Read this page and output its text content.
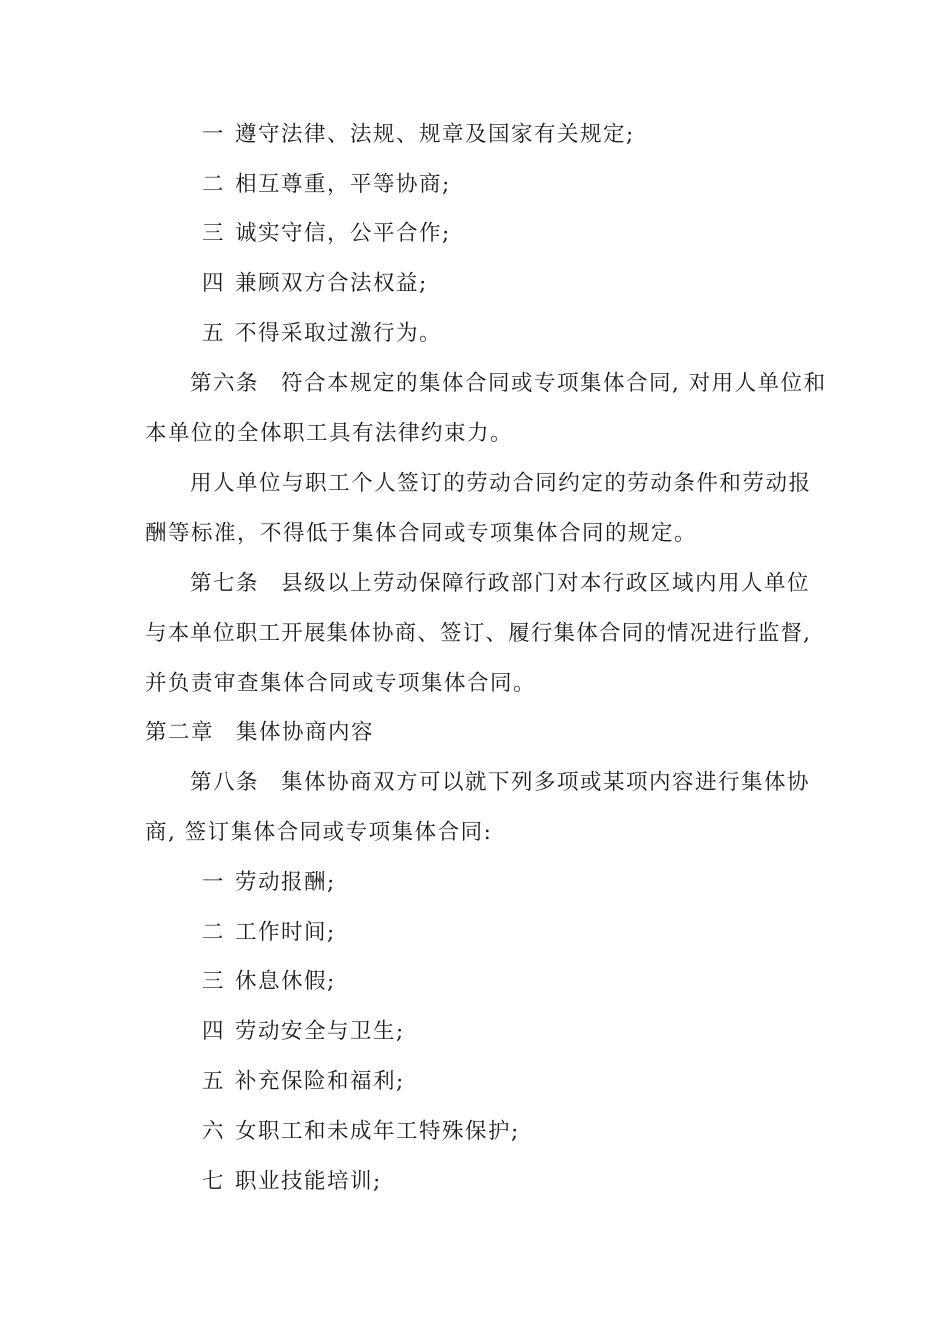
一 遵守法律、法规、规章及国家有关规定;
二 相互尊重，平等协商;
三 诚实守信，公平合作;
四 兼顾双方合法权益;
五 不得采取过激行为。
第六条 符合本规定的集体合同或专项集体合同, 对用人单位和
本单位的全体职工具有法律约束力。
用人单位与职工个人签订的劳动合同约定的劳动条件和劳动报
酬等标准，不得低于集体合同或专项集体合同的规定。
第七条 县级以上劳动保障行政部门对本行政区域内用人单位
与本单位职工开展集体协商、签订、履行集体合同的情况进行监督,
并负责审查集体合同或专项集体合同。
第二章 集体协商内容
第八条 集体协商双方可以就下列多项或某项内容进行集体协
商, 签订集体合同或专项集体合同:
一 劳动报酬;
二 工作时间;
三 休息休假;
四 劳动安全与卫生;
五 补充保险和福利;
六 女职工和未成年工特殊保护;
七 职业技能培训;
